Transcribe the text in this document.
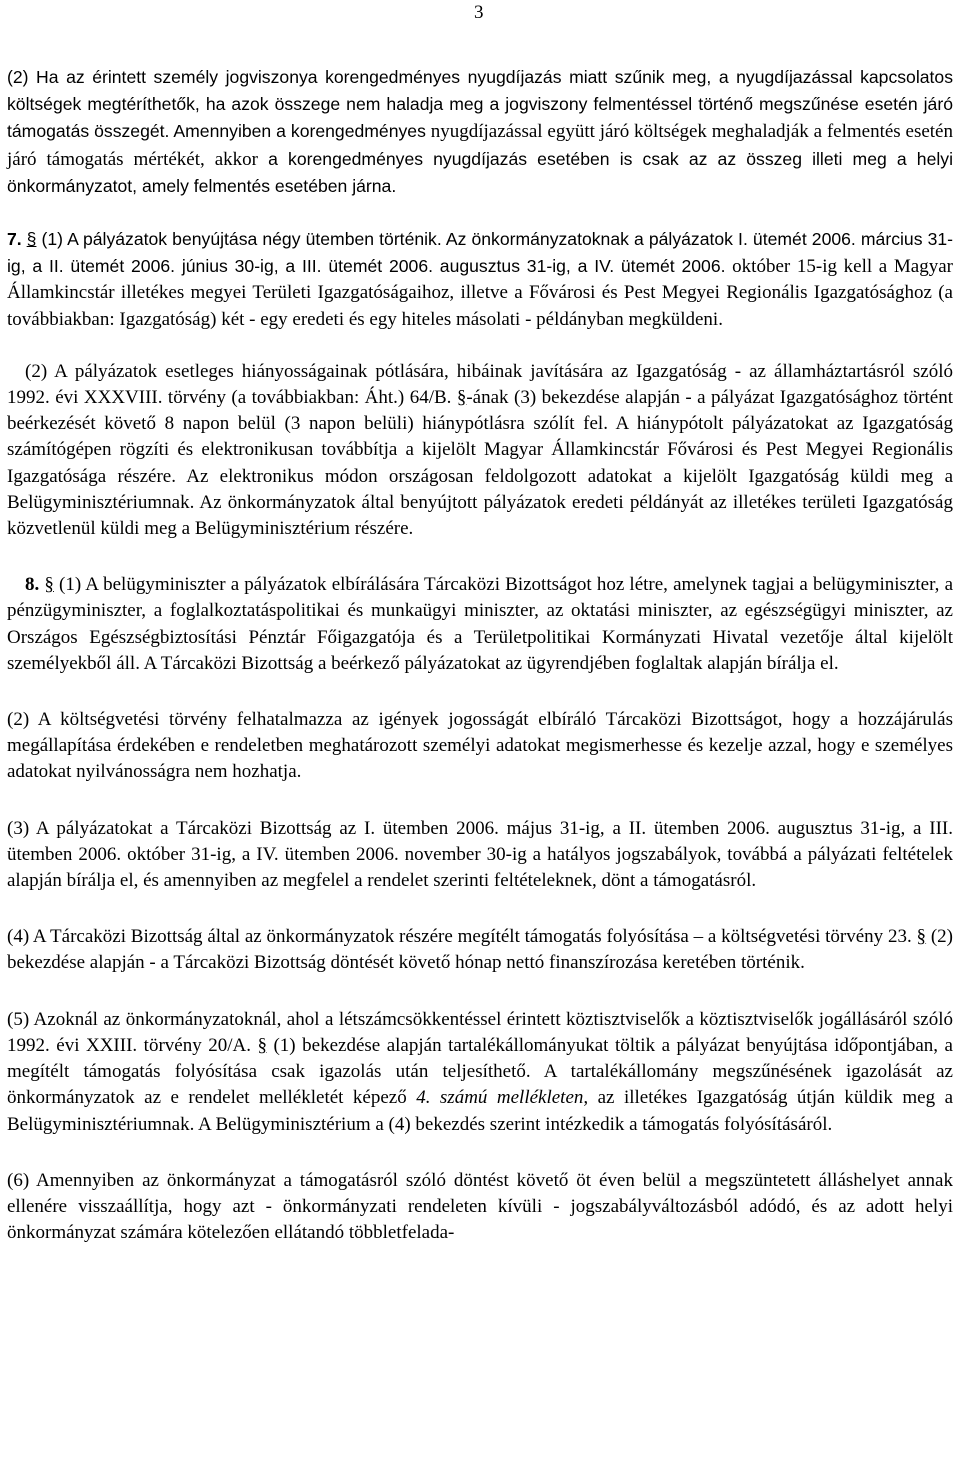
3

(2) Ha az érintett személy jogviszonya korengedményes nyugdíjazás miatt szűnik meg, a nyugdíjazással kapcsolatos költségek megtéríthetők, ha azok összege nem haladja meg a jogviszony felmentéssel történő megszűnése esetén járó támogatás összegét. Amennyiben a korengedményes nyugdíjazással együtt járó költségek meghaladják a felmentés esetén járó támogatás mértékét, akkor a korengedményes nyugdíjazás esetében is csak az az összeg illeti meg a helyi önkormányzatot, amely felmentés esetében járna.

7. § (1) A pályázatok benyújtása négy ütemben történik. Az önkormányzatoknak a pályázatok I. ütemét 2006. március 31-ig, a II. ütemét 2006. június 30-ig, a III. ütemét 2006. augusztus 31-ig, a IV. ütemét 2006. október 15-ig kell a Magyar Államkincstár illetékes megyei Területi Igazgatóságaihoz, illetve a Fővárosi és Pest Megyei Regionális Igazgatósághoz (a továbbiakban: Igazgatóság) két - egy eredeti és egy hiteles másolati - példányban megküldeni.

(2) A pályázatok esetleges hiányosságainak pótlására, hibáinak javítására az Igazgatóság - az államháztartásról szóló 1992. évi XXXVIII. törvény (a továbbiakban: Áht.) 64/B. §-ának (3) bekezdése alapján - a pályázat Igazgatósághoz történt beérkezését követő 8 napon belül (3 napon belüli) hiánypótlásra szólít fel. A hiánypótolt pályázatokat az Igazgatóság számítógépen rögzíti és elektronikusan továbbítja a kijelölt Magyar Államkincstár Fővárosi és Pest Megyei Regionális Igazgatósága részére. Az elektronikus módon országosan feldolgozott adatokat a kijelölt Igazgatóság küldi meg a Belügyminisztériumnak. Az önkormányzatok által benyújtott pályázatok eredeti példányát az illetékes területi Igazgatóság közvetlenül küldi meg a Belügyminisztérium részére.

8. § (1) A belügyminiszter a pályázatok elbírálására Tárcaközi Bizottságot hoz létre, amelynek tagjai a belügyminiszter, a pénzügyminiszter, a foglalkoztatáspolitikai és munkaügyi miniszter, az oktatási miniszter, az egészségügyi miniszter, az Országos Egészségbiztosítási Pénztár Főigazgatója és a Területpolitikai Kormányzati Hivatal vezetője által kijelölt személyekből áll. A Tárcaközi Bizottság a beérkező pályázatokat az ügyrendjében foglaltak alapján bírálja el.

(2) A költségvetési törvény felhatalmazza az igények jogosságát elbíráló Tárcaközi Bizottságot, hogy a hozzájárulás megállapítása érdekében e rendeletben meghatározott személyi adatokat megismerhesse és kezelje azzal, hogy e személyes adatokat nyilvánosságra nem hozhatja.

(3) A pályázatokat a Tárcaközi Bizottság az I. ütemben 2006. május 31-ig, a II. ütemben 2006. augusztus 31-ig, a III. ütemben 2006. október 31-ig, a IV. ütemben 2006. november 30-ig a hatályos jogszabályok, továbbá a pályázati feltételek alapján bírálja el, és amennyiben az megfelel a rendelet szerinti feltételeknek, dönt a támogatásról.

(4) A Tárcaközi Bizottság által az önkormányzatok részére megítélt támogatás folyósítása – a költségvetési törvény 23. § (2) bekezdése alapján - a Tárcaközi Bizottság döntését követő hónap nettó finanszírozása keretében történik.

(5) Azoknál az önkormányzatoknál, ahol a létszámcsökkentéssel érintett köztisztviselők a köztisztviselők jogállásáról szóló 1992. évi XXIII. törvény 20/A. § (1) bekezdése alapján tartalékállományukat töltik a pályázat benyújtása időpontjában, a megítélt támogatás folyósítása csak igazolás után teljesíthető. A tartalékállomány megszűnésének igazolását az önkormányzatok az e rendelet mellékletét képező 4. számú mellékleten, az illetékes Igazgatóság útján küldik meg a Belügyminisztériumnak. A Belügyminisztérium a (4) bekezdés szerint intézkedik a támogatás folyósításáról.

(6) Amennyiben az önkormányzat a támogatásról szóló döntést követő öt éven belül a megszüntetett álláshelyet annak ellenére visszaállítja, hogy azt - önkormányzati rendeleten kívüli - jogszabályváltozásból adódó, és az adott helyi önkormányzat számára kötelezően ellátandó többletfelada-
